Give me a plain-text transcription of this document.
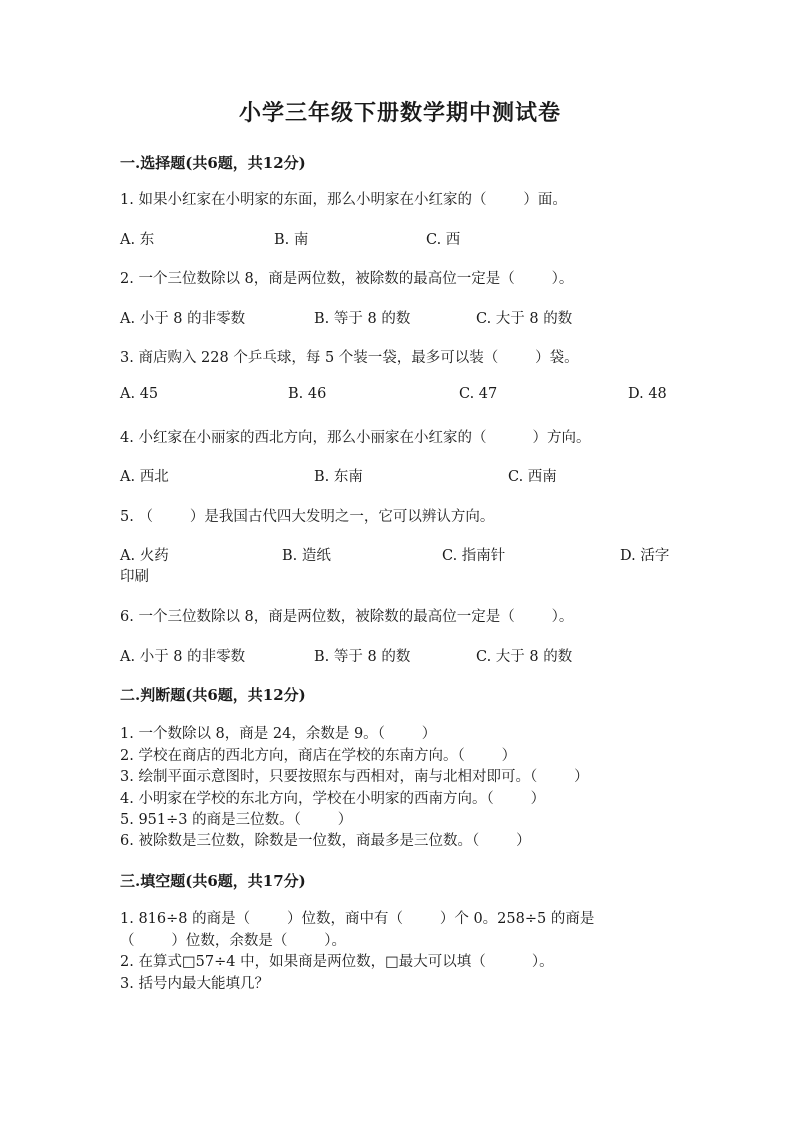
小学三年级下册数学期中测试卷
一.选择题(共6题，共12分)
1. 如果小红家在小明家的东面，那么小明家在小红家的（        ）面。
A. 东	B. 南	C. 西
2. 一个三位数除以 8，商是两位数，被除数的最高位一定是（        ）。
A. 小于 8 的非零数	B. 等于 8 的数	C. 大于 8 的数
3. 商店购入 228 个乒乓球，每 5 个装一袋，最多可以装（        ）袋。
A. 45	B. 46	C. 47	D. 48
4. 小红家在小丽家的西北方向，那么小丽家在小红家的（          ）方向。
A. 西北	B. 东南	C. 西南
5. （        ）是我国古代四大发明之一，它可以辨认方向。
A. 火药	B. 造纸	C. 指南针	D. 活字
印刷
6. 一个三位数除以 8，商是两位数，被除数的最高位一定是（        ）。
A. 小于 8 的非零数	B. 等于 8 的数	C. 大于 8 的数
二.判断题(共6题，共12分)
1. 一个数除以 8，商是 24，余数是 9。（        ）
2. 学校在商店的西北方向，商店在学校的东南方向。（        ）
3. 绘制平面示意图时，只要按照东与西相对，南与北相对即可。（        ）
4. 小明家在学校的东北方向，学校在小明家的西南方向。（        ）
5. 951÷3 的商是三位数。（        ）
6. 被除数是三位数，除数是一位数，商最多是三位数。（        ）
三.填空题(共6题，共17分)
1. 816÷8 的商是（        ）位数，商中有（        ）个 0。258÷5 的商是
（        ）位数，余数是（        ）。
2. 在算式□57÷4 中，如果商是两位数，□最大可以填（          ）。
3. 括号内最大能填几？
